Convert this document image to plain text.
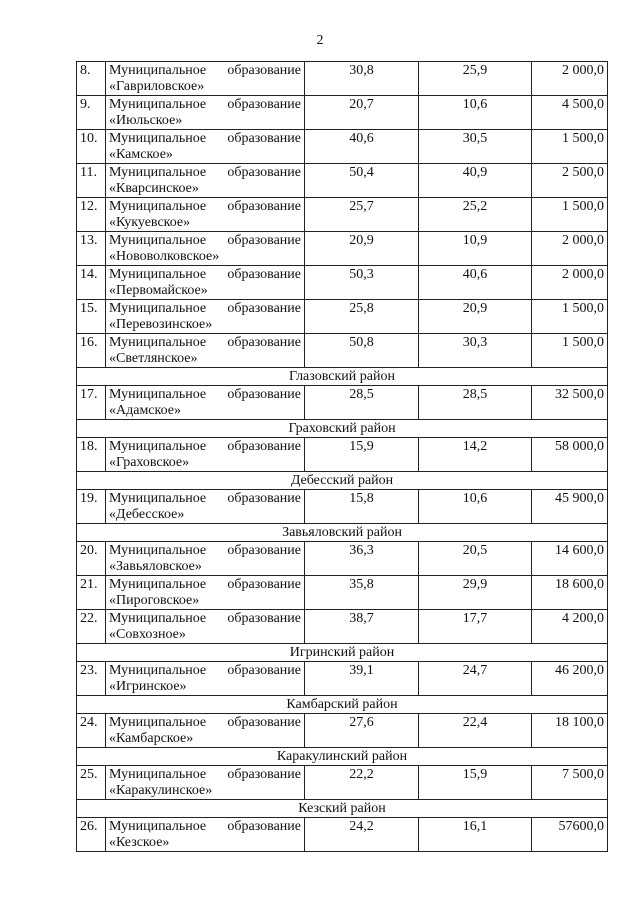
2
8.	Муниципальное образование
«Гавриловское»	30,8	25,9	2 000,0
9.	Муниципальное образование
«Июльское»	20,7	10,6	4 500,0
10.	Муниципальное образование
«Камское»	40,6	30,5	1 500,0
11.	Муниципальное образование
«Кварсинское»	50,4	40,9	2 500,0
12.	Муниципальное образование
«Кукуевское»	25,7	25,2	1 500,0
13.	Муниципальное образование
«Нововолковское»	20,9	10,9	2 000,0
14.	Муниципальное образование
«Первомайское»	50,3	40,6	2 000,0
15.	Муниципальное образование
«Перевозинское»	25,8	20,9	1 500,0
16.	Муниципальное образование
«Светлянское»	50,8	30,3	1 500,0
Глазовский район				
17.	Муниципальное образование
«Адамское»	28,5	28,5	32 500,0
Граховский район				
18.	Муниципальное образование
«Граховское»	15,9	14,2	58 000,0
Дебесский район				
19.	Муниципальное образование
«Дебесское»	15,8	10,6	45 900,0
Завьяловский район				
20.	Муниципальное образование
«Завьяловское»	36,3	20,5	14 600,0
21.	Муниципальное образование
«Пироговское»	35,8	29,9	18 600,0
22.	Муниципальное образование
«Совхозное»	38,7	17,7	4 200,0
Игринский район				
23.	Муниципальное образование
«Игринское»	39,1	24,7	46 200,0
Камбарский район				
24.	Муниципальное образование
«Камбарское»	27,6	22,4	18 100,0
Каракулинский район				
25.	Муниципальное образование
«Каракулинское»	22,2	15,9	7 500,0
Кезский район				
26.	Муниципальное образование
«Кезское»	24,2	16,1	57600,0
